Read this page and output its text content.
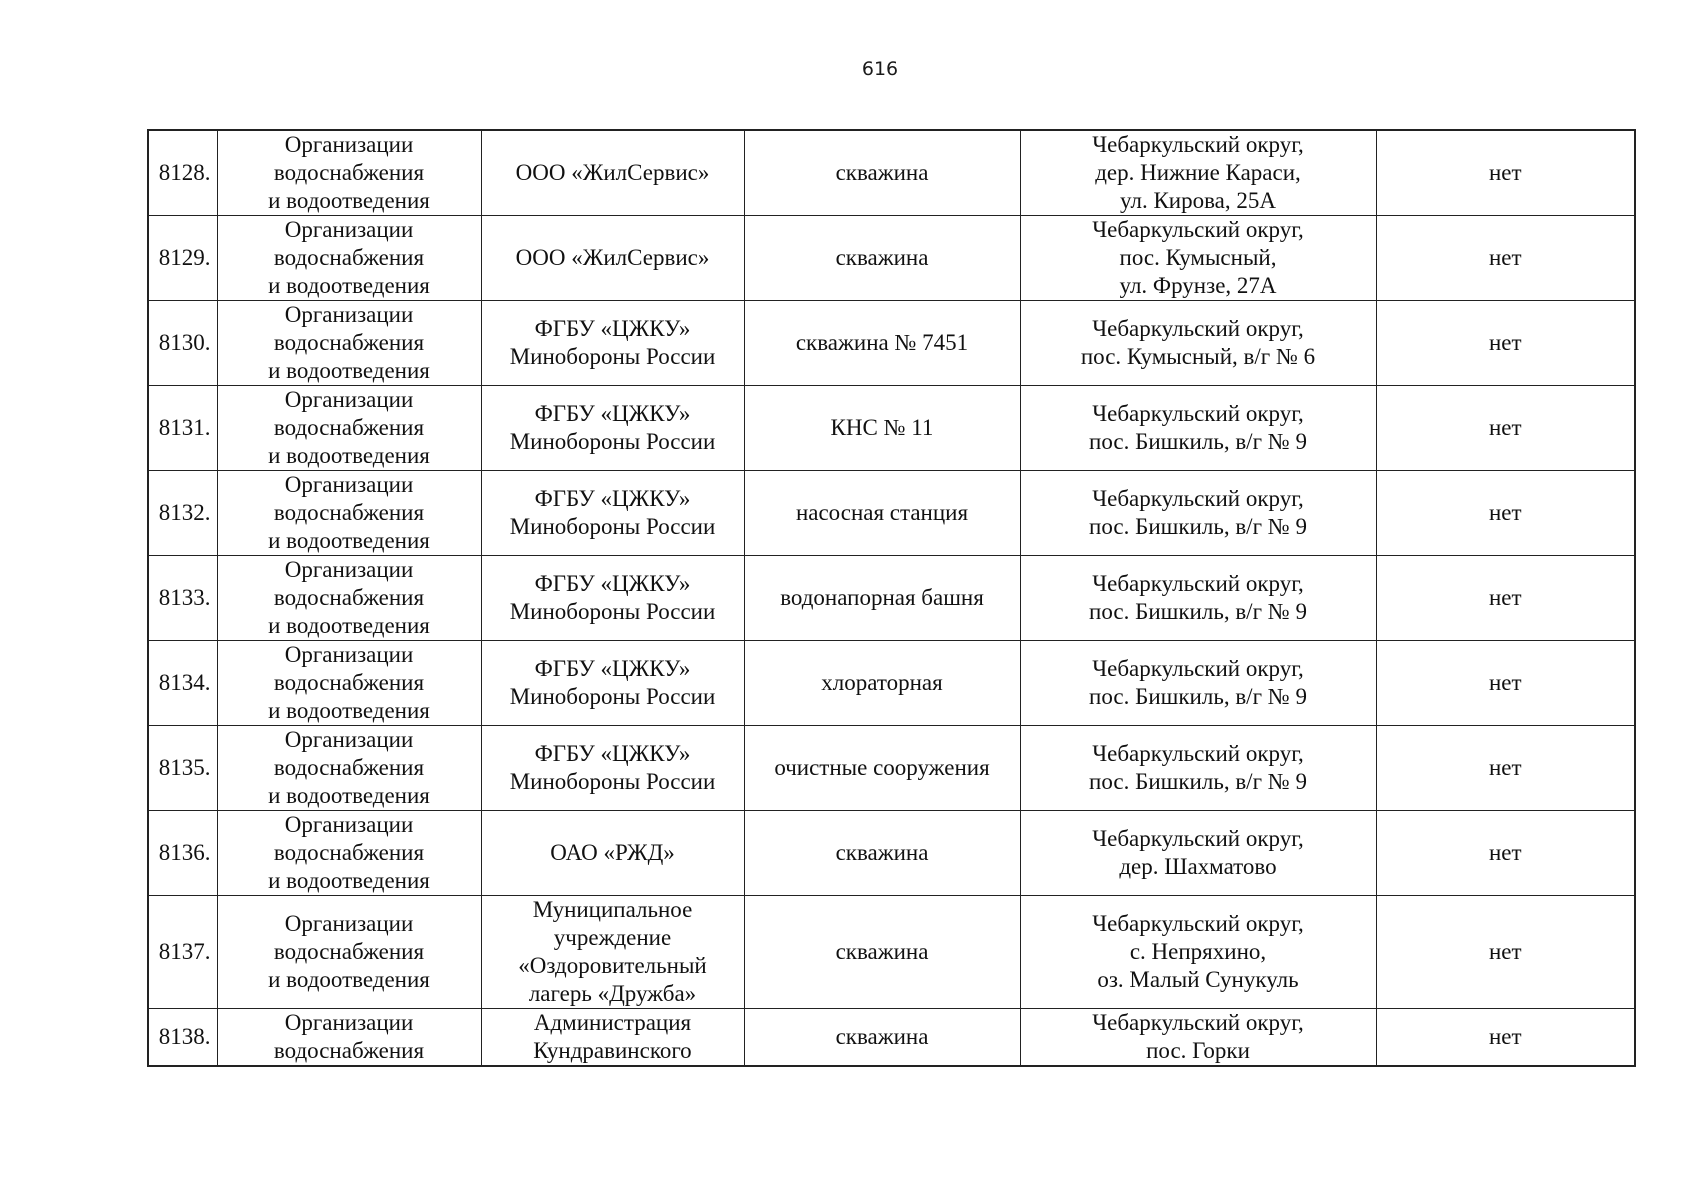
616
8128.	Организации
водоснабжения
и водоотведения	ООО «ЖилСервис»	скважина	Чебаркульский округ,
дер. Нижние Караси,
ул. Кирова, 25А	нет
8129.	Организации
водоснабжения
и водоотведения	ООО «ЖилСервис»	скважина	Чебаркульский округ,
пос. Кумысный,
ул. Фрунзе, 27А	нет
8130.	Организации
водоснабжения
и водоотведения	ФГБУ «ЦЖКУ»
Минобороны России	скважина № 7451	Чебаркульский округ,
пос. Кумысный, в/г № 6	нет
8131.	Организации
водоснабжения
и водоотведения	ФГБУ «ЦЖКУ»
Минобороны России	КНС № 11	Чебаркульский округ,
пос. Бишкиль, в/г № 9	нет
8132.	Организации
водоснабжения
и водоотведения	ФГБУ «ЦЖКУ»
Минобороны России	насосная станция	Чебаркульский округ,
пос. Бишкиль, в/г № 9	нет
8133.	Организации
водоснабжения
и водоотведения	ФГБУ «ЦЖКУ»
Минобороны России	водонапорная башня	Чебаркульский округ,
пос. Бишкиль, в/г № 9	нет
8134.	Организации
водоснабжения
и водоотведения	ФГБУ «ЦЖКУ»
Минобороны России	хлораторная	Чебаркульский округ,
пос. Бишкиль, в/г № 9	нет
8135.	Организации
водоснабжения
и водоотведения	ФГБУ «ЦЖКУ»
Минобороны России	очистные сооружения	Чебаркульский округ,
пос. Бишкиль, в/г № 9	нет
8136.	Организации
водоснабжения
и водоотведения	ОАО «РЖД»	скважина	Чебаркульский округ,
дер. Шахматово	нет
8137.	Организации
водоснабжения
и водоотведения	Муниципальное
учреждение
«Оздоровительный
лагерь «Дружба»	скважина	Чебаркульский округ,
с. Непряхино,
оз. Малый Сунукуль	нет
8138.	Организации
водоснабжения	Администрация
Кундравинского	скважина	Чебаркульский округ,
пос. Горки	нет
